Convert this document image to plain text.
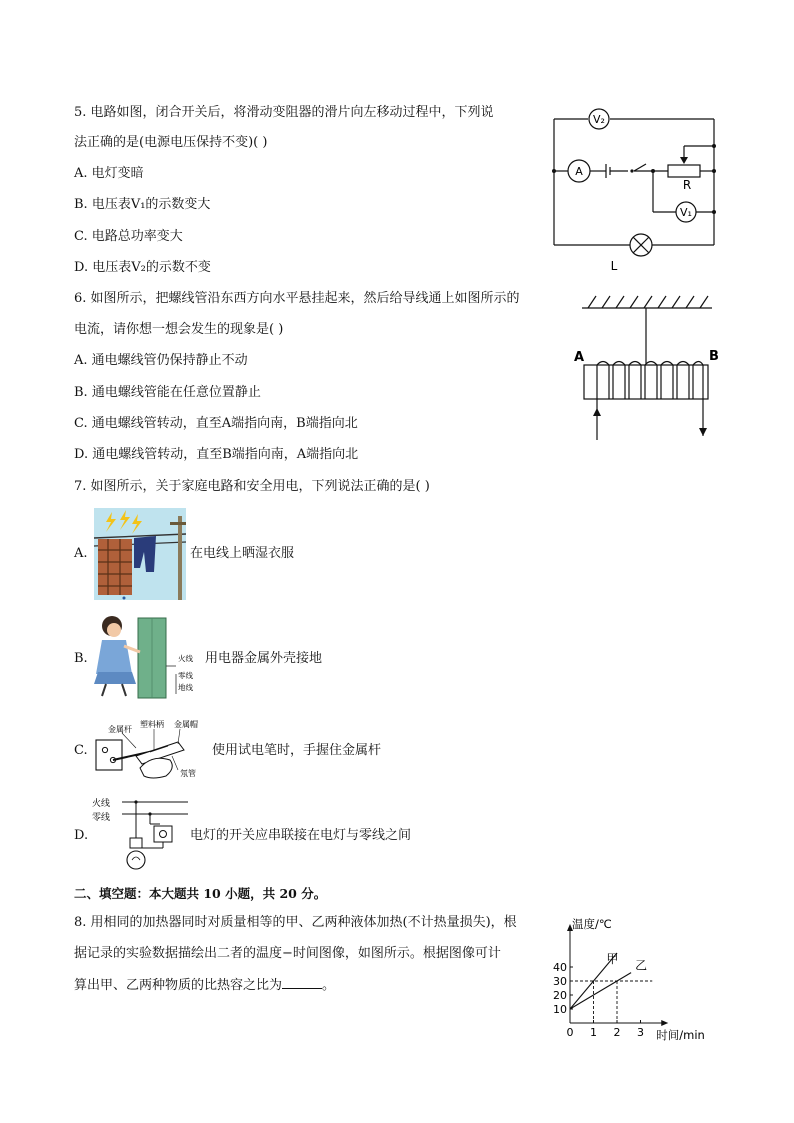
5. 电路如图，闭合开关后，将滑动变阻器的滑片向左移动过程中，下列说
法正确的是(电源电压保持不变)( )
A. 电灯变暗
B. 电压表V₁的示数变大
C. 电路总功率变大
D. 电压表V₂的示数不变
V₂
A
V₁
R
L
6. 如图所示，把螺线管沿东西方向水平悬挂起来，然后给导线通上如图所示的
电流，请你想一想会发生的现象是( )
A. 通电螺线管仍保持静止不动
B. 通电螺线管能在任意位置静止
C. 通电螺线管转动，直至A端指向南，B端指向北
D. 通电螺线管转动，直至B端指向南，A端指向北
A	B
7. 如图所示，关于家庭电路和安全用电，下列说法正确的是( )
A.	在电线上晒湿衣服
B.	火线
零线
地线
用电器金属外壳接地
C.
塑料柄 金属帽
金属杆
氖管
使用试电笔时，手握住金属杆
D.
火线
零线
电灯的开关应串联接在电灯与零线之间
二、填空题：本大题共 10 小题，共 20 分。
8. 用相同的加热器同时对质量相等的甲、乙两种液体加热(不计热量损失)，根
据记录的实验数据描绘出二者的温度−时间图像，如图所示。根据图像可计
算出甲、乙两种物质的比热容之比为	。
0 1 2 3
10
20
30
40
甲 乙
温度/℃
时间/min
